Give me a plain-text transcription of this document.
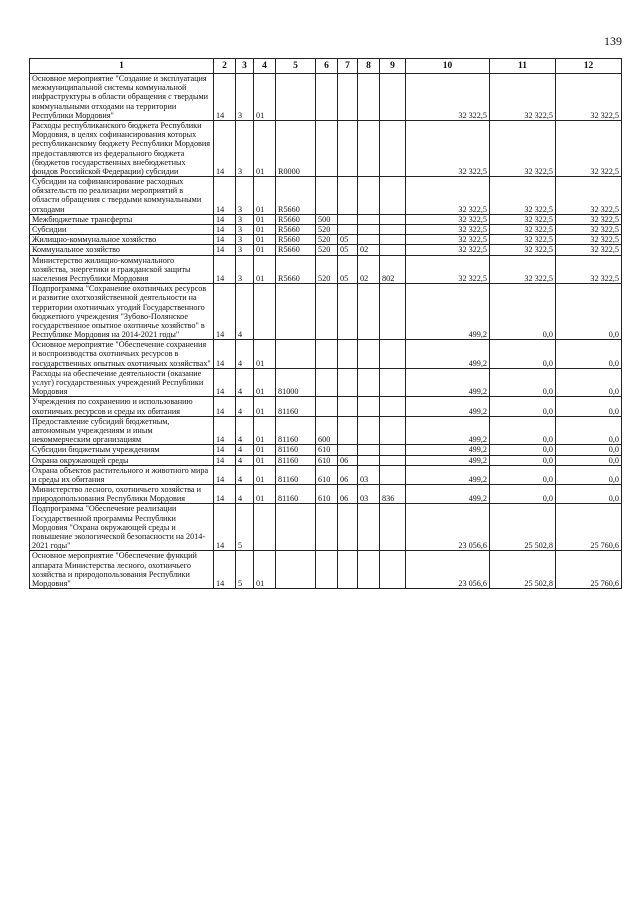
139
1	2	3	4	5	6	7	8	9	10	11	12
Основное мероприятие "Создание и эксплуатация межмуниципальной системы коммунальной инфраструктуры в области обращения с твердыми коммунальными отходами на территории Республики Мордовия"	14	3	01						32 322,5	32 322,5	32 322,5
Расходы республиканского бюджета Республики Мордовия, в целях софинансирования которых республиканскому бюджету Республики Мордовия предоставляются из федерального бюджета (бюджетов государственных внебюджетных фондов Российской Федерации) субсидии	14	3	01	R0000					32 322,5	32 322,5	32 322,5
Субсидии на софинансирование расходных обязательств по реализации мероприятий в области обращения с твердыми коммунальными отходами	14	3	01	R5660					32 322,5	32 322,5	32 322,5
Межбюджетные трансферты	14	3	01	R5660	500				32 322,5	32 322,5	32 322,5
Субсидии	14	3	01	R5660	520				32 322,5	32 322,5	32 322,5
Жилищно-коммунальное хозяйство	14	3	01	R5660	520	05			32 322,5	32 322,5	32 322,5
Коммунальное хозяйство	14	3	01	R5660	520	05	02		32 322,5	32 322,5	32 322,5
Министерство жилищно-коммунального хозяйства, энергетики и гражданской защиты населения Республики Мордовия	14	3	01	R5660	520	05	02	802	32 322,5	32 322,5	32 322,5
Подпрограмма "Сохранение охотничьих ресурсов и развитие охотхозяйственной деятельности на территории охотничьих угодий Государственного бюджетного учреждения "Зубово-Полянское государственное опытное охотничье хозяйство" в Республике Мордовия на 2014-2021 годы"	14	4							499,2	0,0	0,0
Основное мероприятие "Обеспечение сохранения и воспроизводства охотничьих ресурсов в государственных опытных охотничьих хозяйствах"	14	4	01						499,2	0,0	0,0
Расходы на обеспечение деятельности (оказание услуг) государственных учреждений Республики Мордовия	14	4	01	81000					499,2	0,0	0,0
Учреждения по сохранению и использованию охотничьих ресурсов и среды их обитания	14	4	01	81160					499,2	0,0	0,0
Предоставление субсидий бюджетным, автономным учреждениям и иным некоммерческим организациям	14	4	01	81160	600				499,2	0,0	0,0
Субсидии бюджетным учреждениям	14	4	01	81160	610				499,2	0,0	0,0
Охрана окружающей среды	14	4	01	81160	610	06			499,2	0,0	0,0
Охрана объектов растительного и животного мира и среды их обитания	14	4	01	81160	610	06	03		499,2	0,0	0,0
Министерство лесного, охотничьего хозяйства и природопользования Республики Мордовия	14	4	01	81160	610	06	03	836	499,2	0,0	0,0
Подпрограмма "Обеспечение реализации Государственной программы Республики Мордовия "Охрана окружающей среды и повышение экологической безопасности на 2014-2021 годы"	14	5							23 056,6	25 502,8	25 760,6
Основное мероприятие "Обеспечение функций аппарата Министерства лесного, охотничьего хозяйства и природопользования Республики Мордовия"	14	5	01						23 056,6	25 502,8	25 760,6
